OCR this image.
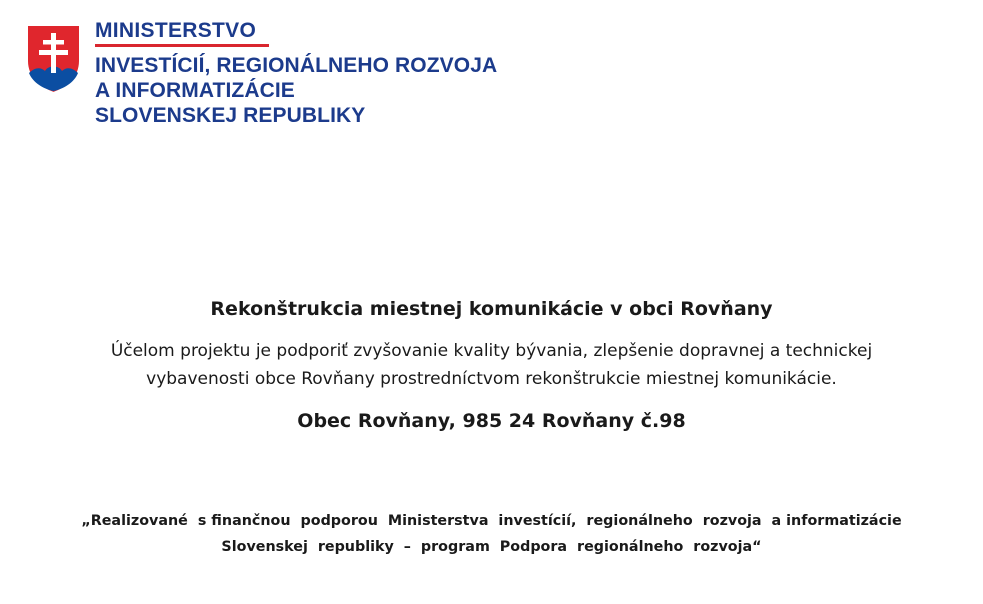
MINISTERSTVO
INVESTÍCIÍ, REGIONÁLNEHO ROZVOJA
A INFORMATIZÁCIE
SLOVENSKEJ REPUBLIKY
Rekonštrukcia miestnej komunikácie v obci Rovňany

Účelom projektu je podporiť zvyšovanie kvality bývania, zlepšenie dopravnej a technickej
vybavenosti obce Rovňany prostredníctvom rekonštrukcie miestnej komunikácie.

Obec Rovňany, 985 24 Rovňany č.98

„Realizované  s finančnou  podporou  Ministerstva  investícií,  regionálneho  rozvoja  a informatizácie
Slovenskej  republiky  –  program  Podpora  regionálneho  rozvoja“
